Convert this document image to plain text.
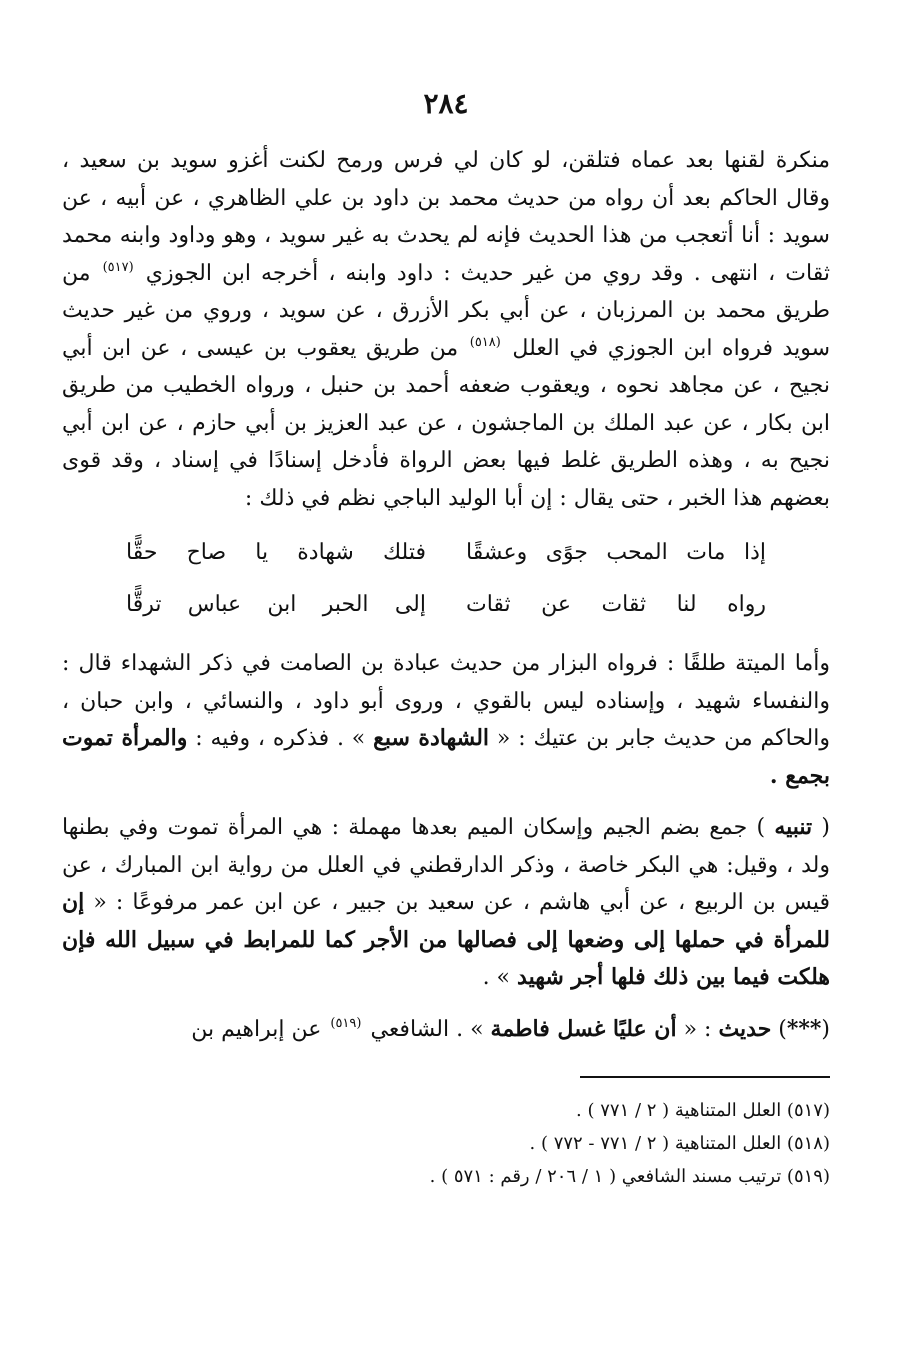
٢٨٤

منكرة لقنها بعد عماه فتلقن، لو كان لي فرس ورمح لكنت أغزو سويد بن سعيد ، وقال الحاكم بعد أن رواه من حديث محمد بن داود بن علي الظاهري ، عن أبيه ، عن سويد : أنا أتعجب من هذا الحديث فإنه لم يحدث به غير سويد ، وهو وداود وابنه محمد ثقات ، انتهى . وقد روي من غير حديث : داود وابنه ، أخرجه ابن الجوزي $^{(٥١٧)}$ من طريق محمد بن المرزبان ، عن أبي بكر الأزرق ، عن سويد ، وروي من غير حديث سويد فرواه ابن الجوزي في العلل $^{(٥١٨)}$ من طريق يعقوب بن عيسى ، عن ابن أبي نجيح ، عن مجاهد نحوه ، ويعقوب ضعفه أحمد بن حنبل ، ورواه الخطيب من طريق ابن بكار ، عن عبد الملك بن الماجشون ، عن عبد العزيز بن أبي حازم ، عن ابن أبي نجيح به ، وهذه الطريق غلط فيها بعض الرواة فأدخل إسنادًا في إسناد ، وقد قوى بعضهم هذا الخبر ، حتى يقال : إن أبا الوليد الباجي نظم في ذلك :

إذا مات المحب جوًى وعشقًا
فتلك شهادة يا صاح حقًّا
رواه لنا ثقات عن ثقات
إلى الحبر ابن عباس ترقًّا

وأما الميتة طلقًا : فرواه البزار من حديث عبادة بن الصامت في ذكر الشهداء قال : والنفساء شهيد ، وإسناده ليس بالقوي ، وروى أبو داود ، والنسائي ، وابن حبان ، والحاكم من حديث جابر بن عتيك : « الشهادة سبع » . فذكره ، وفيه : والمرأة تموت بجمع .

( تنبيه ) جمع بضم الجيم وإسكان الميم بعدها مهملة : هي المرأة تموت وفي بطنها ولد ، وقيل: هي البكر خاصة ، وذكر الدارقطني في العلل من رواية ابن المبارك ، عن قيس بن الربيع ، عن أبي هاشم ، عن سعيد بن جبير ، عن ابن عمر مرفوعًا : « إن للمرأة في حملها إلى وضعها إلى فصالها من الأجر كما للمرابط في سبيل الله فإن هلكت فيما بين ذلك فلها أجر شهيد » .

(***) حديث : « أن عليًا غسل فاطمة » . الشافعي $^{(٥١٩)}$ عن إبراهيم بن

(٥١٧) العلل المتناهية ( ٢ / ٧٧١ ) .

(٥١٨) العلل المتناهية ( ٢ / ٧٧١ - ٧٧٢ ) .

(٥١٩) ترتيب مسند الشافعي ( ١ / ٢٠٦ / رقم : ٥٧١ ) .
